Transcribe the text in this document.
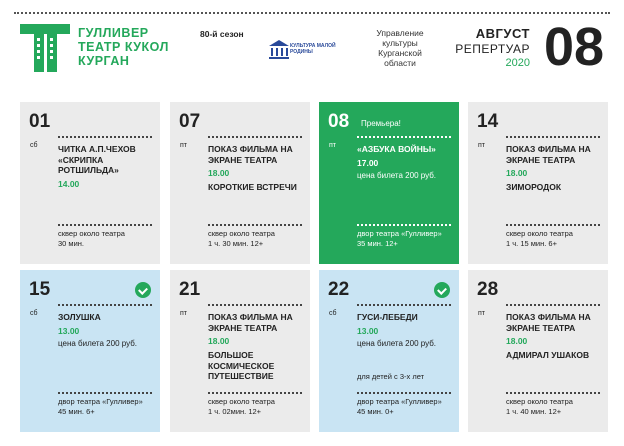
ГУЛЛИВЕР
ТЕАТР КУКОЛ
КУРГАН
80-й сезон
КУЛЬТУРА МАЛОЙ РОДИНЫ
Управление культуры Курганской области
АВГУСТ
РЕПЕРТУАР
2020 08
01
сб ЧИТКА А.П.ЧЕХОВ «СКРИПКА РОТШИЛЬДА»
14.00
сквер около театра
30 мин.
07
пт ПОКАЗ ФИЛЬМА НА ЭКРАНЕ ТЕАТРА
18.00
КОРОТКИЕ ВСТРЕЧИ
сквер около театра
1 ч. 30 мин. 12+
08 Премьера!
пт «АЗБУКА ВОЙНЫ»
17.00
цена билета 200 руб.
двор театра «Гулливер»
35 мин. 12+
14
пт ПОКАЗ ФИЛЬМА НА ЭКРАНЕ ТЕАТРА
18.00
ЗИМОРОДОК
сквер около театра
1 ч. 15 мин. 6+
15
сб ЗОЛУШКА
13.00
цена билета 200 руб.
двор театра «Гулливер»
45 мин. 6+
21
пт ПОКАЗ ФИЛЬМА НА ЭКРАНЕ ТЕАТРА
18.00
БОЛЬШОЕ КОСМИЧЕСКОЕ ПУТЕШЕСТВИЕ
сквер около театра
1 ч. 02мин. 12+
22
сб ГУСИ-ЛЕБЕДИ
13.00
цена билета 200 руб.
для детей с 3-х лет
двор театра «Гулливер»
45 мин. 0+
28
пт ПОКАЗ ФИЛЬМА НА ЭКРАНЕ ТЕАТРА
18.00
АДМИРАЛ УШАКОВ
сквер около театра
1 ч. 40 мин. 12+
